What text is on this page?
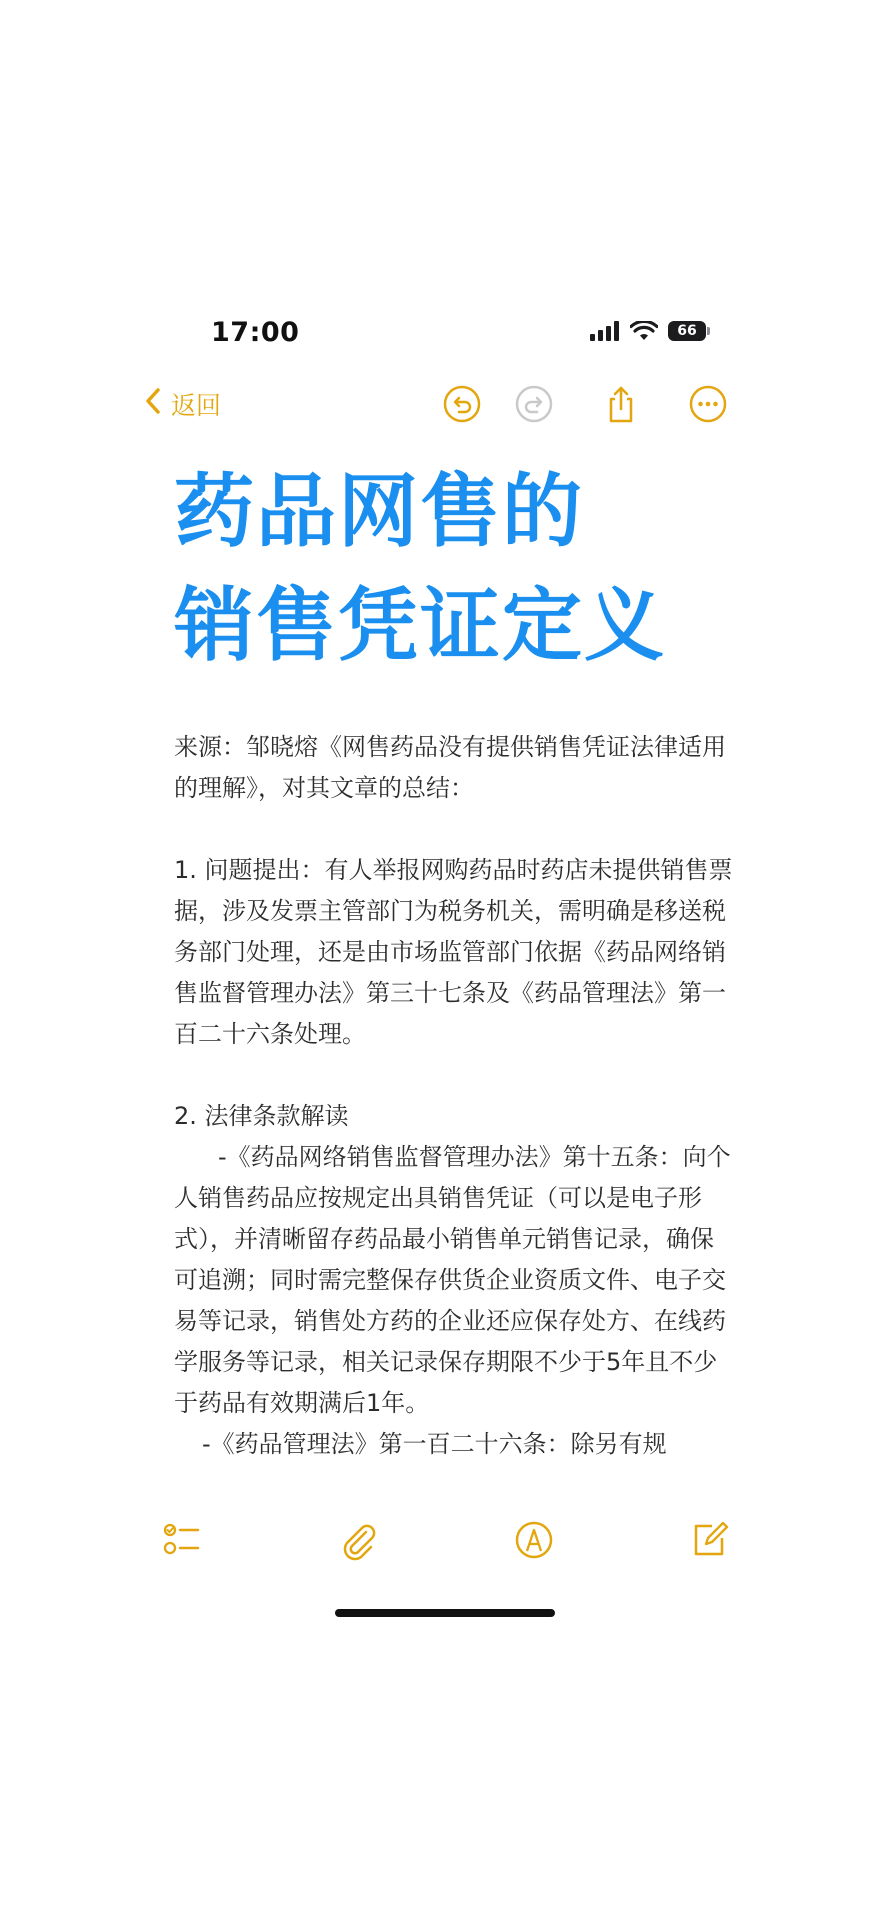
17:00	66
返回
药品网售的
销售凭证定义

来源：邹晓熔《网售药品没有提供销售凭证法律适用的理解》，对其文章的总结：

1. 问题提出：有人举报网购药品时药店未提供销售票据，涉及发票主管部门为税务机关，需明确是移送税务部门处理，还是由市场监管部门依据《药品网络销售监督管理办法》第三十七条及《药品管理法》第一百二十六条处理。

2. 法律条款解读

-《药品网络销售监督管理办法》第十五条：向个人销售药品应按规定出具销售凭证（可以是电子形式），并清晰留存药品最小销售单元销售记录，确保可追溯；同时需完整保存供货企业资质文件、电子交易等记录，销售处方药的企业还应保存处方、在线药学服务等记录，相关记录保存期限不少于5年且不少于药品有效期满后1年。

-《药品管理法》第一百二十六条：除另有规
